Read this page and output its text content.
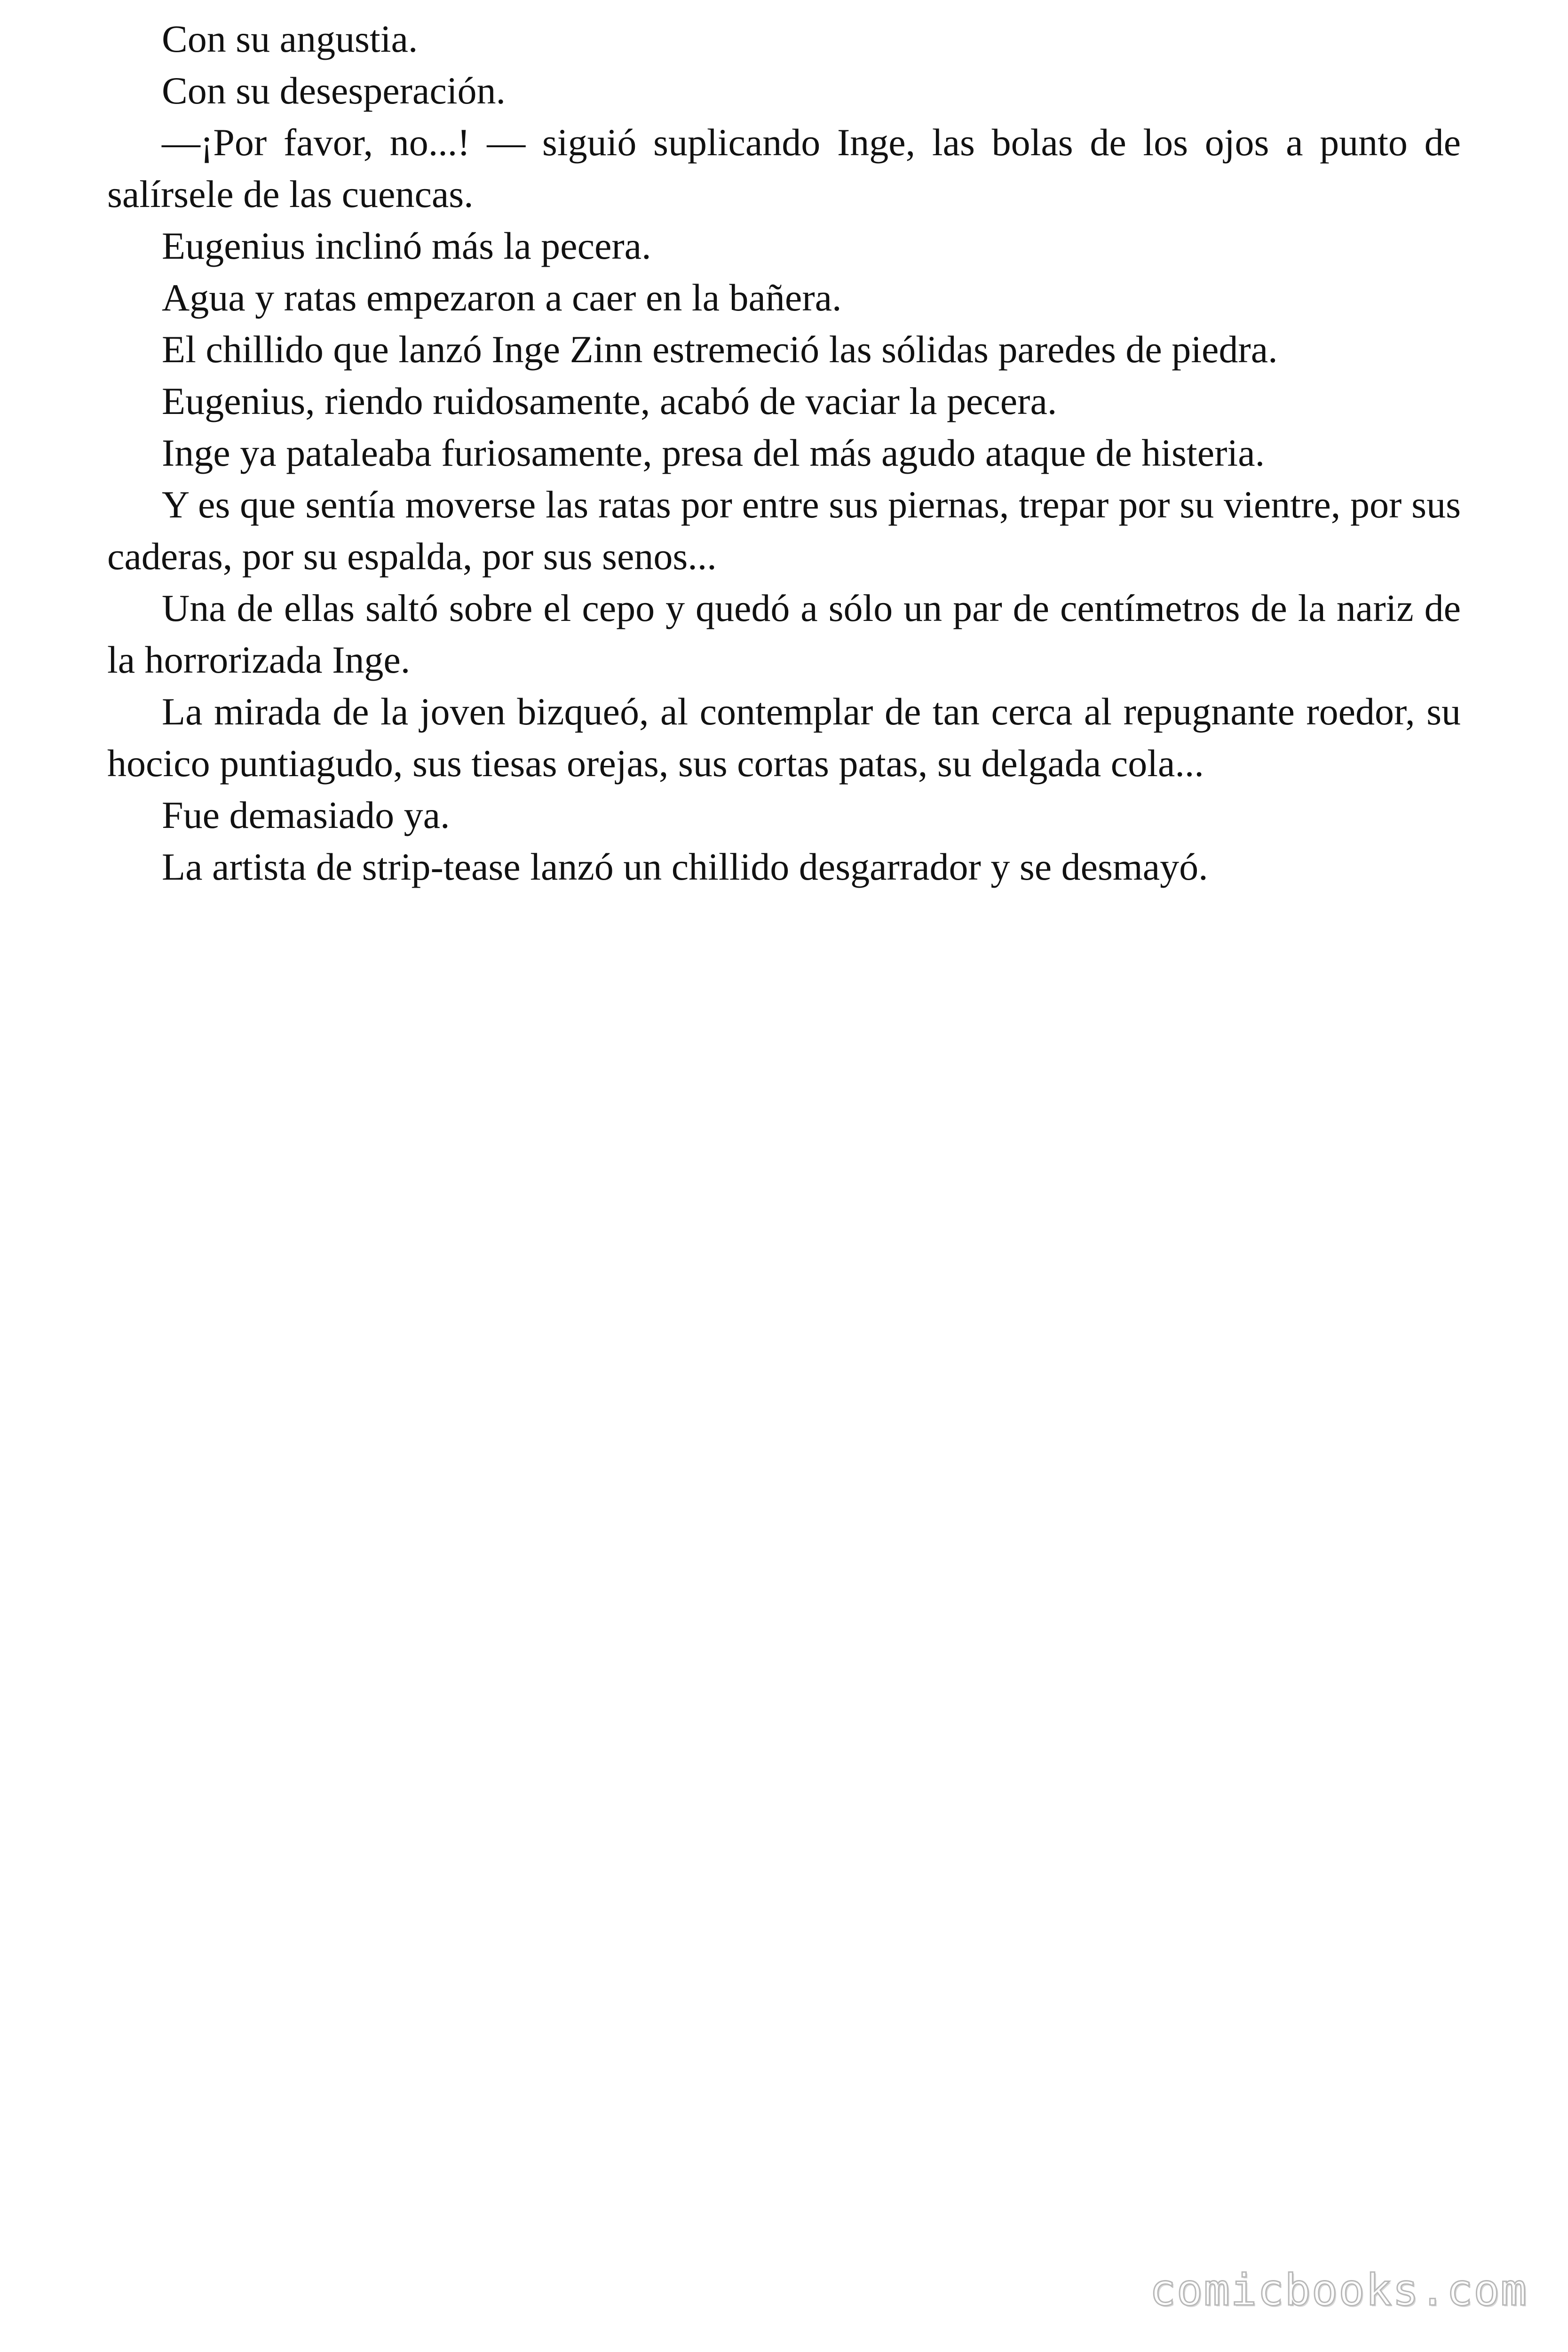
Con su angustia.

Con su desesperación.

—¡Por favor, no...! — siguió suplicando Inge, las bolas de los ojos a punto de salírsele de las cuencas.

Eugenius inclinó más la pecera.

Agua y ratas empezaron a caer en la bañera.

El chillido que lanzó Inge Zinn estremeció las sólidas paredes de piedra.

Eugenius, riendo ruidosamente, acabó de vaciar la pecera.

Inge ya pataleaba furiosamente, presa del más agudo ataque de histeria.

Y es que sentía moverse las ratas por entre sus piernas, trepar por su vientre, por sus caderas, por su espalda, por sus senos...

Una de ellas saltó sobre el cepo y quedó a sólo un par de centímetros de la nariz de la horrorizada Inge.

La mirada de la joven bizqueó, al contemplar de tan cerca al repugnante roedor, su hocico puntiagudo, sus tiesas orejas, sus cortas patas, su delgada cola...

Fue demasiado ya.

La artista de strip-tease lanzó un chillido desgarrador y se desmayó.

comicbooks.com
